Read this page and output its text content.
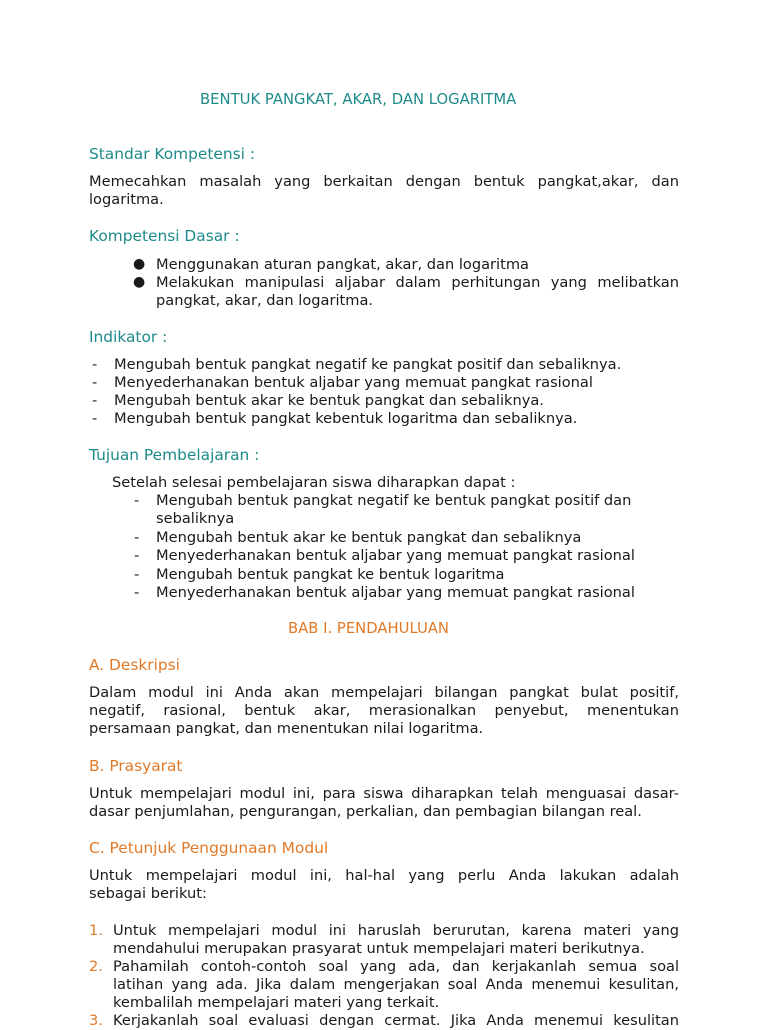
BENTUK PANGKAT, AKAR, DAN LOGARITMA
Standar Kompetensi :
Memecahkan masalah yang berkaitan dengan bentuk pangkat,akar, dan
logaritma.
Kompetensi Dasar :
● Menggunakan aturan pangkat, akar, dan logaritma
● Melakukan manipulasi aljabar dalam perhitungan yang melibatkan
pangkat, akar, dan logaritma.
Indikator :
- Mengubah bentuk pangkat negatif ke pangkat positif dan sebaliknya.
- Menyederhanakan bentuk aljabar yang memuat pangkat rasional
- Mengubah bentuk akar ke bentuk pangkat dan sebaliknya.
- Mengubah bentuk pangkat kebentuk logaritma dan sebaliknya.
Tujuan Pembelajaran :
Setelah selesai pembelajaran siswa diharapkan dapat :
- Mengubah bentuk pangkat negatif ke bentuk pangkat positif dan
sebaliknya
- Mengubah bentuk akar ke bentuk pangkat dan sebaliknya
- Menyederhanakan bentuk aljabar yang memuat pangkat rasional
- Mengubah bentuk pangkat ke bentuk logaritma
- Menyederhanakan bentuk aljabar yang memuat pangkat rasional
BAB I. PENDAHULUAN
A. Deskripsi
Dalam modul ini Anda akan mempelajari bilangan pangkat bulat positif,
negatif, rasional, bentuk akar, merasionalkan penyebut, menentukan
persamaan pangkat, dan menentukan nilai logaritma.
B. Prasyarat
Untuk mempelajari modul ini, para siswa diharapkan telah menguasai dasar-
dasar penjumlahan, pengurangan, perkalian, dan pembagian bilangan real.
C. Petunjuk Penggunaan Modul
Untuk mempelajari modul ini, hal-hal yang perlu Anda lakukan adalah
sebagai berikut:
1. Untuk mempelajari modul ini haruslah berurutan, karena materi yang
mendahului merupakan prasyarat untuk mempelajari materi berikutnya.
2. Pahamilah contoh-contoh soal yang ada, dan kerjakanlah semua soal
latihan yang ada. Jika dalam mengerjakan soal Anda menemui kesulitan,
kembalilah mempelajari materi yang terkait.
3. Kerjakanlah soal evaluasi dengan cermat. Jika Anda menemui kesulitan
